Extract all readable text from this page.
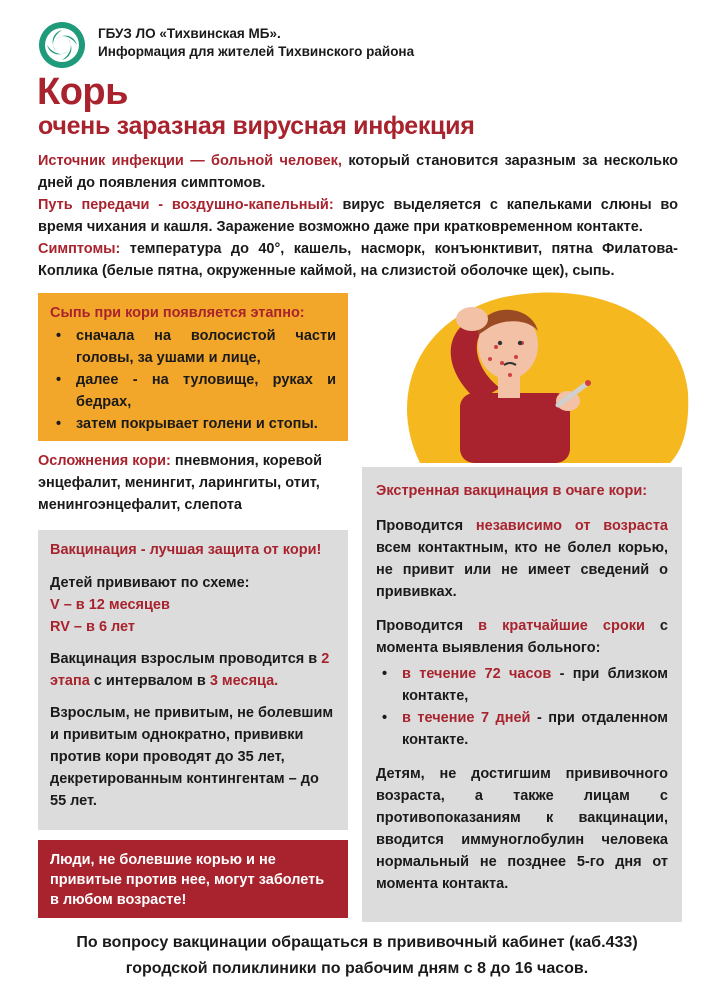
ГБУЗ ЛО «Тихвинская МБ».
Информация для жителей Тихвинского района
Корь
очень заразная вирусная инфекция

Источник инфекции — больной человек, который становится заразным за несколько дней до появления симптомов.

Путь передачи - воздушно-капельный: вирус выделяется с капельками слюны во время чихания и кашля. Заражение возможно даже при кратковременном контакте.

Симптомы: температура до 40°, кашель, насморк, конъюнктивит, пятна Филатова-Коплика (белые пятна, окруженные каймой, на слизистой оболочке щек), сыпь.

Сыпь при кори появляется этапно:
• сначала на волосистой части головы, за ушами и лице,
• далее - на туловище, руках и бедрах,
• затем покрывает голени и стопы.
Осложнения кори: пневмония, коревой энцефалит, менингит, ларингиты, отит, менингоэнцефалит, слепота
Вакцинация - лучшая защита от кори!

Детей прививают по схеме:
V – в 12 месяцев
RV – в 6 лет

Вакцинация взрослым проводится в 2 этапа с интервалом в 3 месяца.

Взрослым, не привитым, не болевшим и привитым однократно, прививки против кори проводят до 35 лет, декретированным контингентам – до 55 лет.

Люди, не болевшие корью и не привитые против нее, могут заболеть в любом возрасте!
Экстренная вакцинация в очаге кори:

Проводится независимо от возраста всем контактным, кто не болел корью, не привит или не имеет сведений о прививках.

Проводится в кратчайшие сроки с момента выявления больного:

• в течение 72 часов - при близком контакте,
• в течение 7 дней - при отдаленном контакте.

Детям, не достигшим прививочного возраста, а также лицам с противопоказаниям к вакцинации, вводится иммуноглобулин человека нормальный не позднее 5-го дня от момента контакта.

По вопросу вакцинации обращаться в прививочный кабинет (каб.433)
городской поликлиники по рабочим дням с 8 до 16 часов.
